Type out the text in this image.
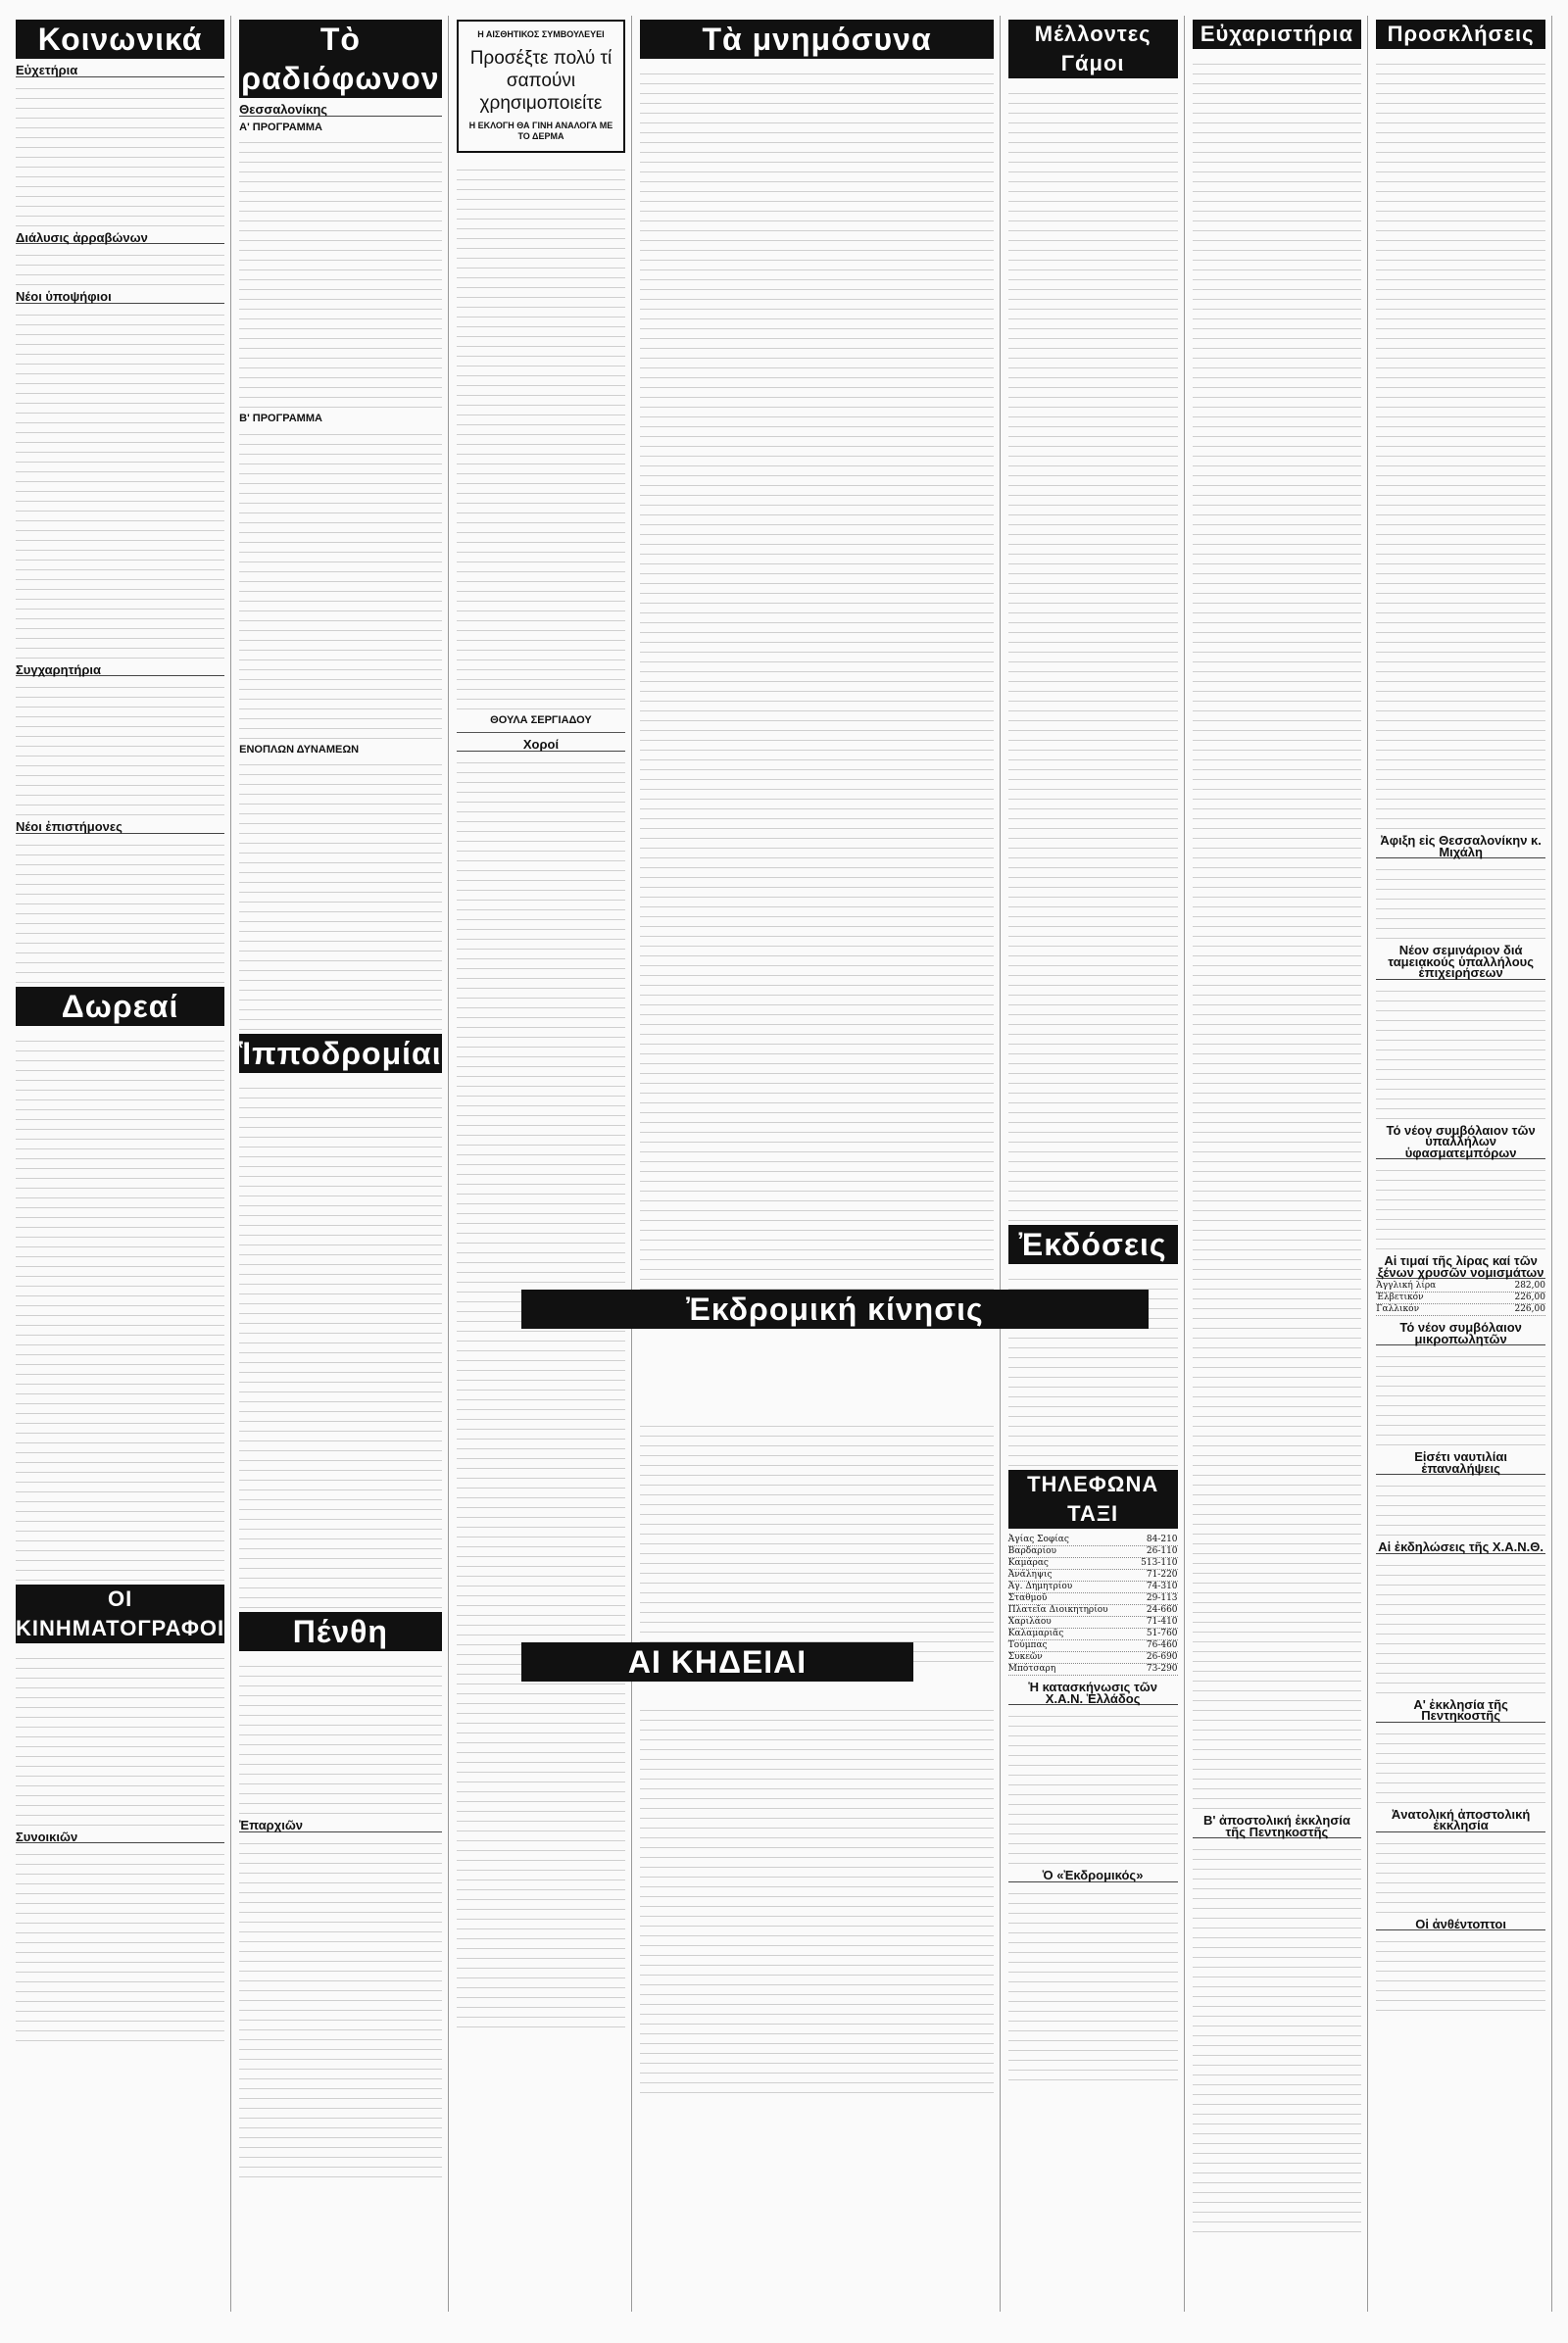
Κοινωνικά
Εὐχετήρια
Διάλυσις ἀρραβώνων
Νέοι ὑποψήφιοι
Συγχαρητήρια
Νέοι ἐπιστήμονες
Δωρεαί
ΟΙ ΚΙΝΗΜΑΤΟΓΡΑΦΟΙ
Συνοικιῶν
Τὸ ραδιόφωνον
Θεσσαλονίκης
Α' ΠΡΟΓΡΑΜΜΑ
Β' ΠΡΟΓΡΑΜΜΑ
ΕΝΟΠΛΩΝ ΔΥΝΑΜΕΩΝ
Ἱπποδρομίαι
Πένθη
Ἐπαρχιῶν
Η ΑΙΣΘΗΤΙΚΟΣ ΣΥΜΒΟΥΛΕΥΕΙ
Προσέξτε πολύ τί σαπούνι χρησιμοποιείτε
Η ΕΚΛΟΓΗ ΘΑ ΓΙΝΗ ΑΝΑΛΟΓΑ ΜΕ ΤΟ ΔΕΡΜΑ
ΘΟΥΛΑ ΣΕΡΓΙΑΔΟΥ
Χοροί
Τὰ μνημόσυνα	Μέλλοντες Γάμοι
Ἐκδόσεις
ΤΗΛΕΦΩΝΑ ΤΑΞΙ
Ἀγίας Σοφίας	84-210
Βαρδαρίου	26-110
Καμάρας	513-110
Ἀνάληψις	71-220
Ἁγ. Δημητρίου	74-310
Σταθμοῦ	29-113
Πλατεῖα Διοικητηρίου	24-660
Χαριλάου	71-410
Καλαμαριᾶς	51-760
Τούμπας	76-460
Συκεῶν	26-690
Μπότσαρη	73-290
Ἡ κατασκήνωσις τῶν Χ.Α.Ν. Ἑλλάδος
Ὁ «Ἐκδρομικός»
Εὐχαριστήρια
Β' ἀποστολική ἐκκλησία τῆς Πεντηκοστῆς
Προσκλήσεις
Ἀφιξη εἰς Θεσσαλονίκην κ. Μιχάλη
Νέον σεμινάριον διά ταμειακούς ὑπαλλήλους ἐπιχειρήσεων
Τό νέον συμβόλαιον τῶν ὑπαλλήλων ὑφασματεμπόρων
Αἱ τιμαί τῆς λίρας καί τῶν ξένων χρυσῶν νομισμάτων
Ἀγγλική λίρα	282,00
Ἐλβετικόν	226,00
Γαλλικόν	226,00
Τό νέον συμβόλαιον μικροπωλητῶν
Εἰσέτι ναυτιλίαι ἐπαναλήψεις
Αἱ ἐκδηλώσεις τῆς Χ.Α.Ν.Θ.
Α' ἐκκλησία τῆς Πεντηκοστῆς
Ἀνατολική ἀποστολική ἐκκλησία
Οἱ ἀνθέντοπτοι
Ἐκδρομική κίνησις
ΑΙ ΚΗΔΕΙΑΙ
